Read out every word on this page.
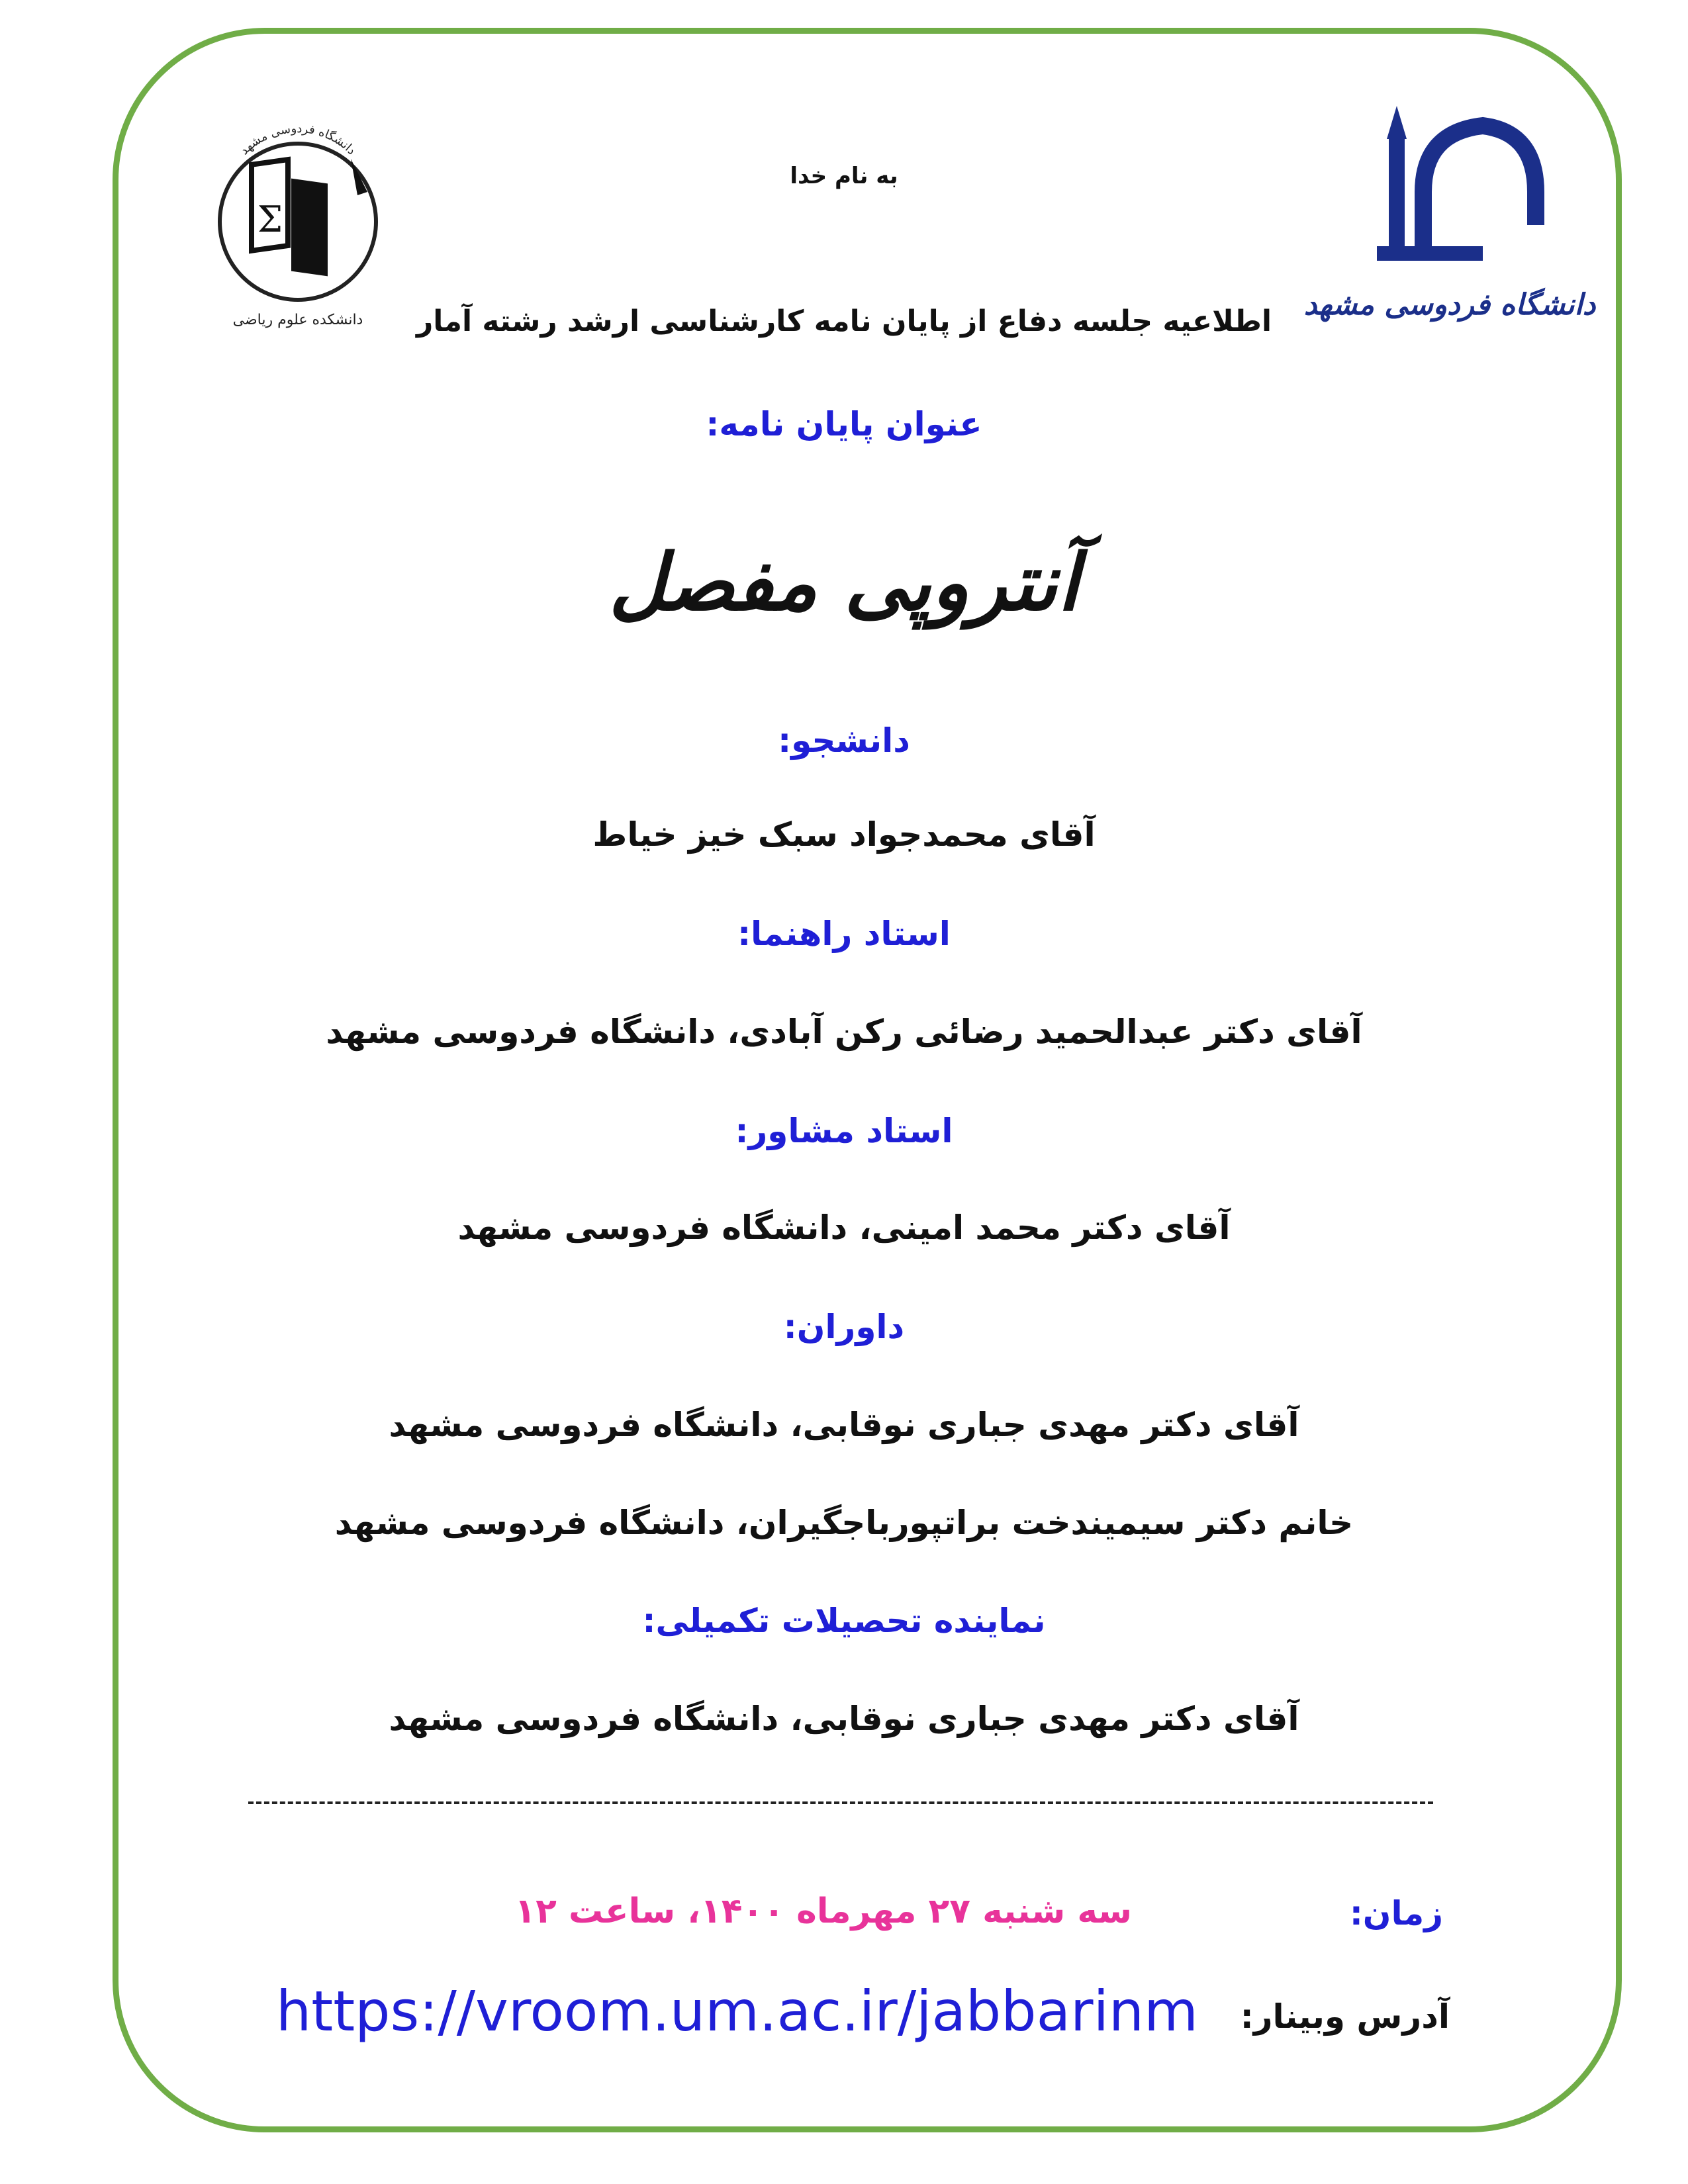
دانشگاه فردوسی مشهد
Σ
دانشکده علوم ریاضی	دانشگاه فردوسی مشهد
به نام خدا
اطلاعیه جلسه دفاع از پایان نامه کارشناسی ارشد رشته آمار
عنوان پایان نامه:
آنتروپی مفصل
دانشجو:
آقای محمدجواد سبک خیز خیاط
استاد راهنما:
آقای دکتر عبدالحمید رضائی رکن آبادی، دانشگاه فردوسی مشهد
استاد مشاور:
آقای دکتر محمد امینی، دانشگاه فردوسی مشهد
داوران:
آقای دکتر مهدی جباری نوقابی، دانشگاه فردوسی مشهد
خانم دکتر سیمیندخت براتپورباجگیران، دانشگاه فردوسی مشهد
نماینده تحصیلات تکمیلی:
آقای دکتر مهدی جباری نوقابی، دانشگاه فردوسی مشهد
زمان:
سه شنبه ۲۷ مهرماه ۱۴۰۰، ساعت ۱۲
آدرس وبینار:
https://vroom.um.ac.ir/jabbarinm
